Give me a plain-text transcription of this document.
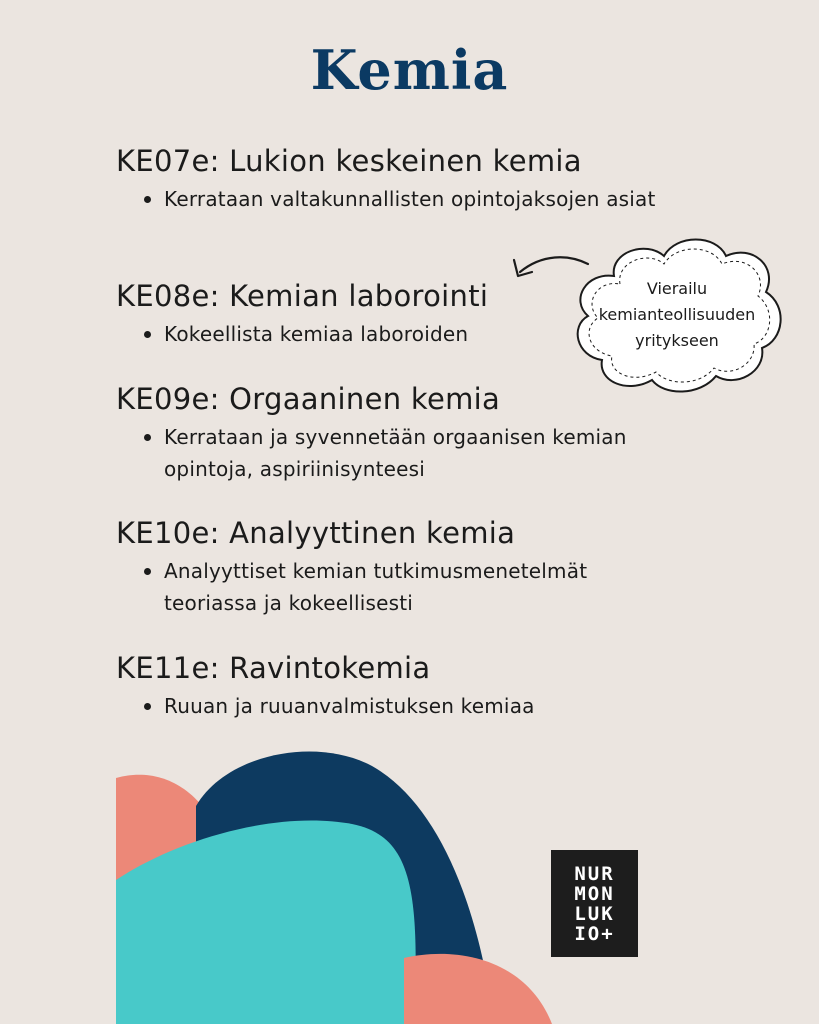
Kemia
KE07e: Lukion keskeinen kemia
Kerrataan valtakunnallisten opintojaksojen asiat
KE08e: Kemian laborointi
Kokeellista kemiaa laboroiden
KE09e: Orgaaninen kemia
Kerrataan ja syvennetään orgaanisen kemian opintoja, aspiriinisynteesi
KE10e: Analyyttinen kemia
Analyyttiset kemian tutkimusmenetelmät teoriassa ja kokeellisesti
KE11e: Ravintokemia
Ruuan ja ruuanvalmistuksen kemiaa
Vierailu
kemianteollisuuden
yritykseen
NUR
MON
LUK
IO+
